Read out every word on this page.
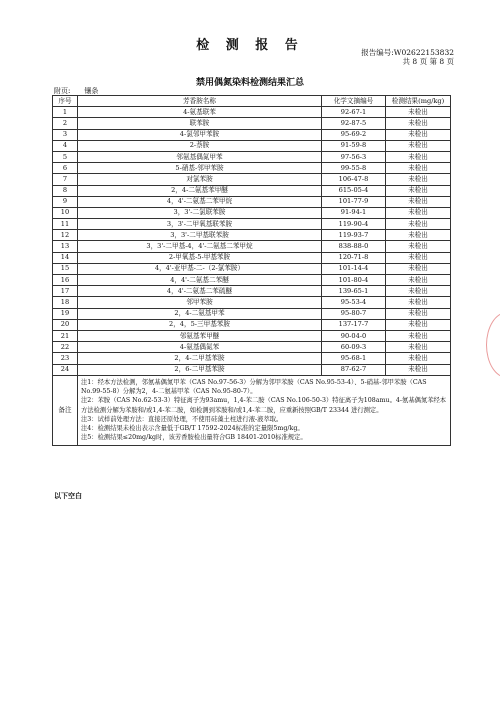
检 测 报 告	报告编号:W02622153832
共 8 页 第 8 页
禁用偶氮染料检测结果汇总
附页: 镶条
序号	芳香胺名称	化学文摘编号	检测结果(mg/kg)
1	4-氨基联苯	92-67-1	未检出
2	联苯胺	92-87-5	未检出
3	4-氯邻甲苯胺	95-69-2	未检出
4	2-萘胺	91-59-8	未检出
5	邻氨基偶氮甲苯	97-56-3	未检出
6	5-硝基-邻甲苯胺	99-55-8	未检出
7	对氯苯胺	106-47-8	未检出
8	2，4-二氨基苯甲醚	615-05-4	未检出
9	4，4'-二氨基二苯甲烷	101-77-9	未检出
10	3，3'-二氯联苯胺	91-94-1	未检出
11	3，3'-二甲氧基联苯胺	119-90-4	未检出
12	3，3'-二甲基联苯胺	119-93-7	未检出
13	3，3'-二甲基-4，4'-二氨基二苯甲烷	838-88-0	未检出
14	2-甲氧基-5-甲基苯胺	120-71-8	未检出
15	4，4'-亚甲基-二-（2-氯苯胺）	101-14-4	未检出
16	4，4'-二氨基二苯醚	101-80-4	未检出
17	4，4'-二氨基二苯硫醚	139-65-1	未检出
18	邻甲苯胺	95-53-4	未检出
19	2，4-二氨基甲苯	95-80-7	未检出
20	2，4，5-三甲基苯胺	137-17-7	未检出
21	邻氨基苯甲醚	90-04-0	未检出
22	4-氨基偶氮苯	60-09-3	未检出
23	2，4-二甲基苯胺	95-68-1	未检出
24	2，6-二甲基苯胺	87-62-7	未检出
备注	注1：经本方法检测，邻氨基偶氮甲苯（CAS No.97-56-3）分解为邻甲苯胺（CAS No.95-53-4）、5-硝基-邻甲苯胺（CAS No.99-55-8）分解为2，4-二氨基甲苯（CAS No.95-80-7）。
注2：苯胺（CAS No.62-53-3）特征离子为93amu，1,4-苯二胺（CAS No.106-50-3）特征离子为108amu。4-氨基偶氮苯经本方法检测分解为苯胺和/或1,4-苯二胺，如检测到苯胺和/或1,4-苯二胺，应重新按照GB/T 23344 进行测定。
注3：试样前处理方法：直接还原处理，不使用硅藻土柱进行液-液萃取。
注4：检测结果未检出表示含量低于GB/T 17592-2024标准的定量限5mg/kg。
注5：检测结果≤20mg/kg时，该芳香胺检出量符合GB 18401-2010标准规定。		
以下空白
